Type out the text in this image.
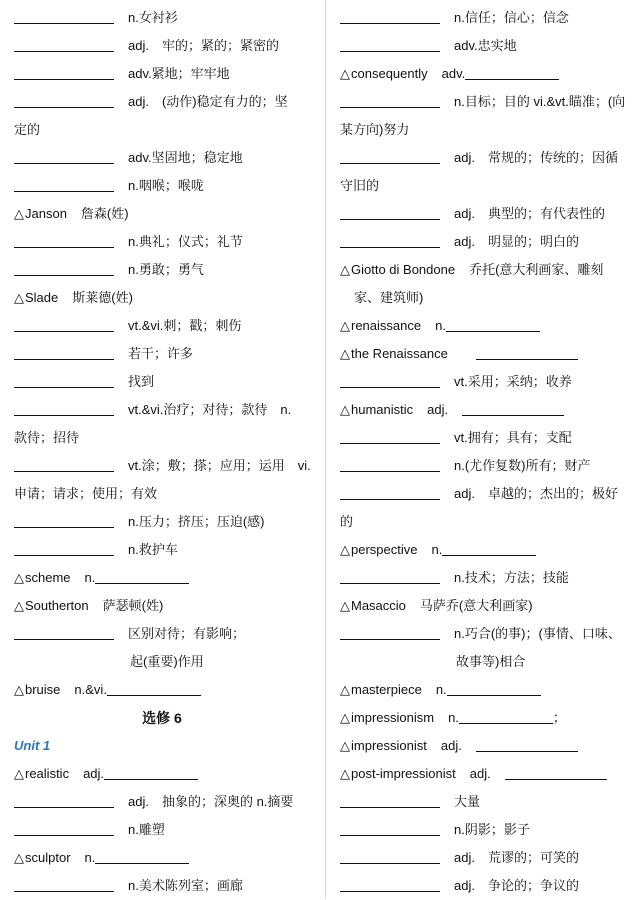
n.女衬衫
adj.　牢的；紧的；紧密的
adv.紧地；牢牢地
adj.　(动作)稳定有力的；坚
定的
adv.坚固地；稳定地
n.咽喉；喉咙
△Janson 詹森(姓)
n.典礼；仪式；礼节
n.勇敢；勇气
△Slade 斯莱德(姓)
vt.&vi.刺；戳；刺伤
若干；许多
找到
vt.&vi.治疗；对待；款待　n.
款待；招待
vt.涂；敷；搽；应用；运用　vi.
申请；请求；使用；有效
n.压力；挤压；压迫(感)
n.救护车
△scheme n.
△Southerton 萨瑟顿(姓)
区别对待；有影响；
起(重要)作用
△bruise n.&vi.
选修 6
Unit 1
△realistic adj.
adj.　抽象的；深奥的 n.摘要
n.雕塑
△sculptor n.
n.美术陈列室；画廊
n.信任；信心；信念
adv.忠实地
△consequently adv.
n.目标；目的 vi.&vt.瞄准；(向
某方向)努力
adj.　常规的；传统的；因循
守旧的
adj.　典型的；有代表性的
adj.　明显的；明白的
△Giotto di Bondone 乔托(意大利画家、雕刻
家、建筑师)
△renaissance n.
△the Renaissance
vt.采用；采纳；收养
△humanistic adj.
vt.拥有；具有；支配
n.(尤作复数)所有；财产
adj.　卓越的；杰出的；极好
的
△perspective n.
n.技术；方法；技能
△Masaccio 马萨乔(意大利画家)
n.巧合(的事)；(事情、口味、
故事等)相合
△masterpiece n.
△impressionism n.	；
△impressionist adj.
△post-impressionist adj.
大量
n.阴影；影子
adj.　荒谬的；可笑的
adj.　争论的；争议的
